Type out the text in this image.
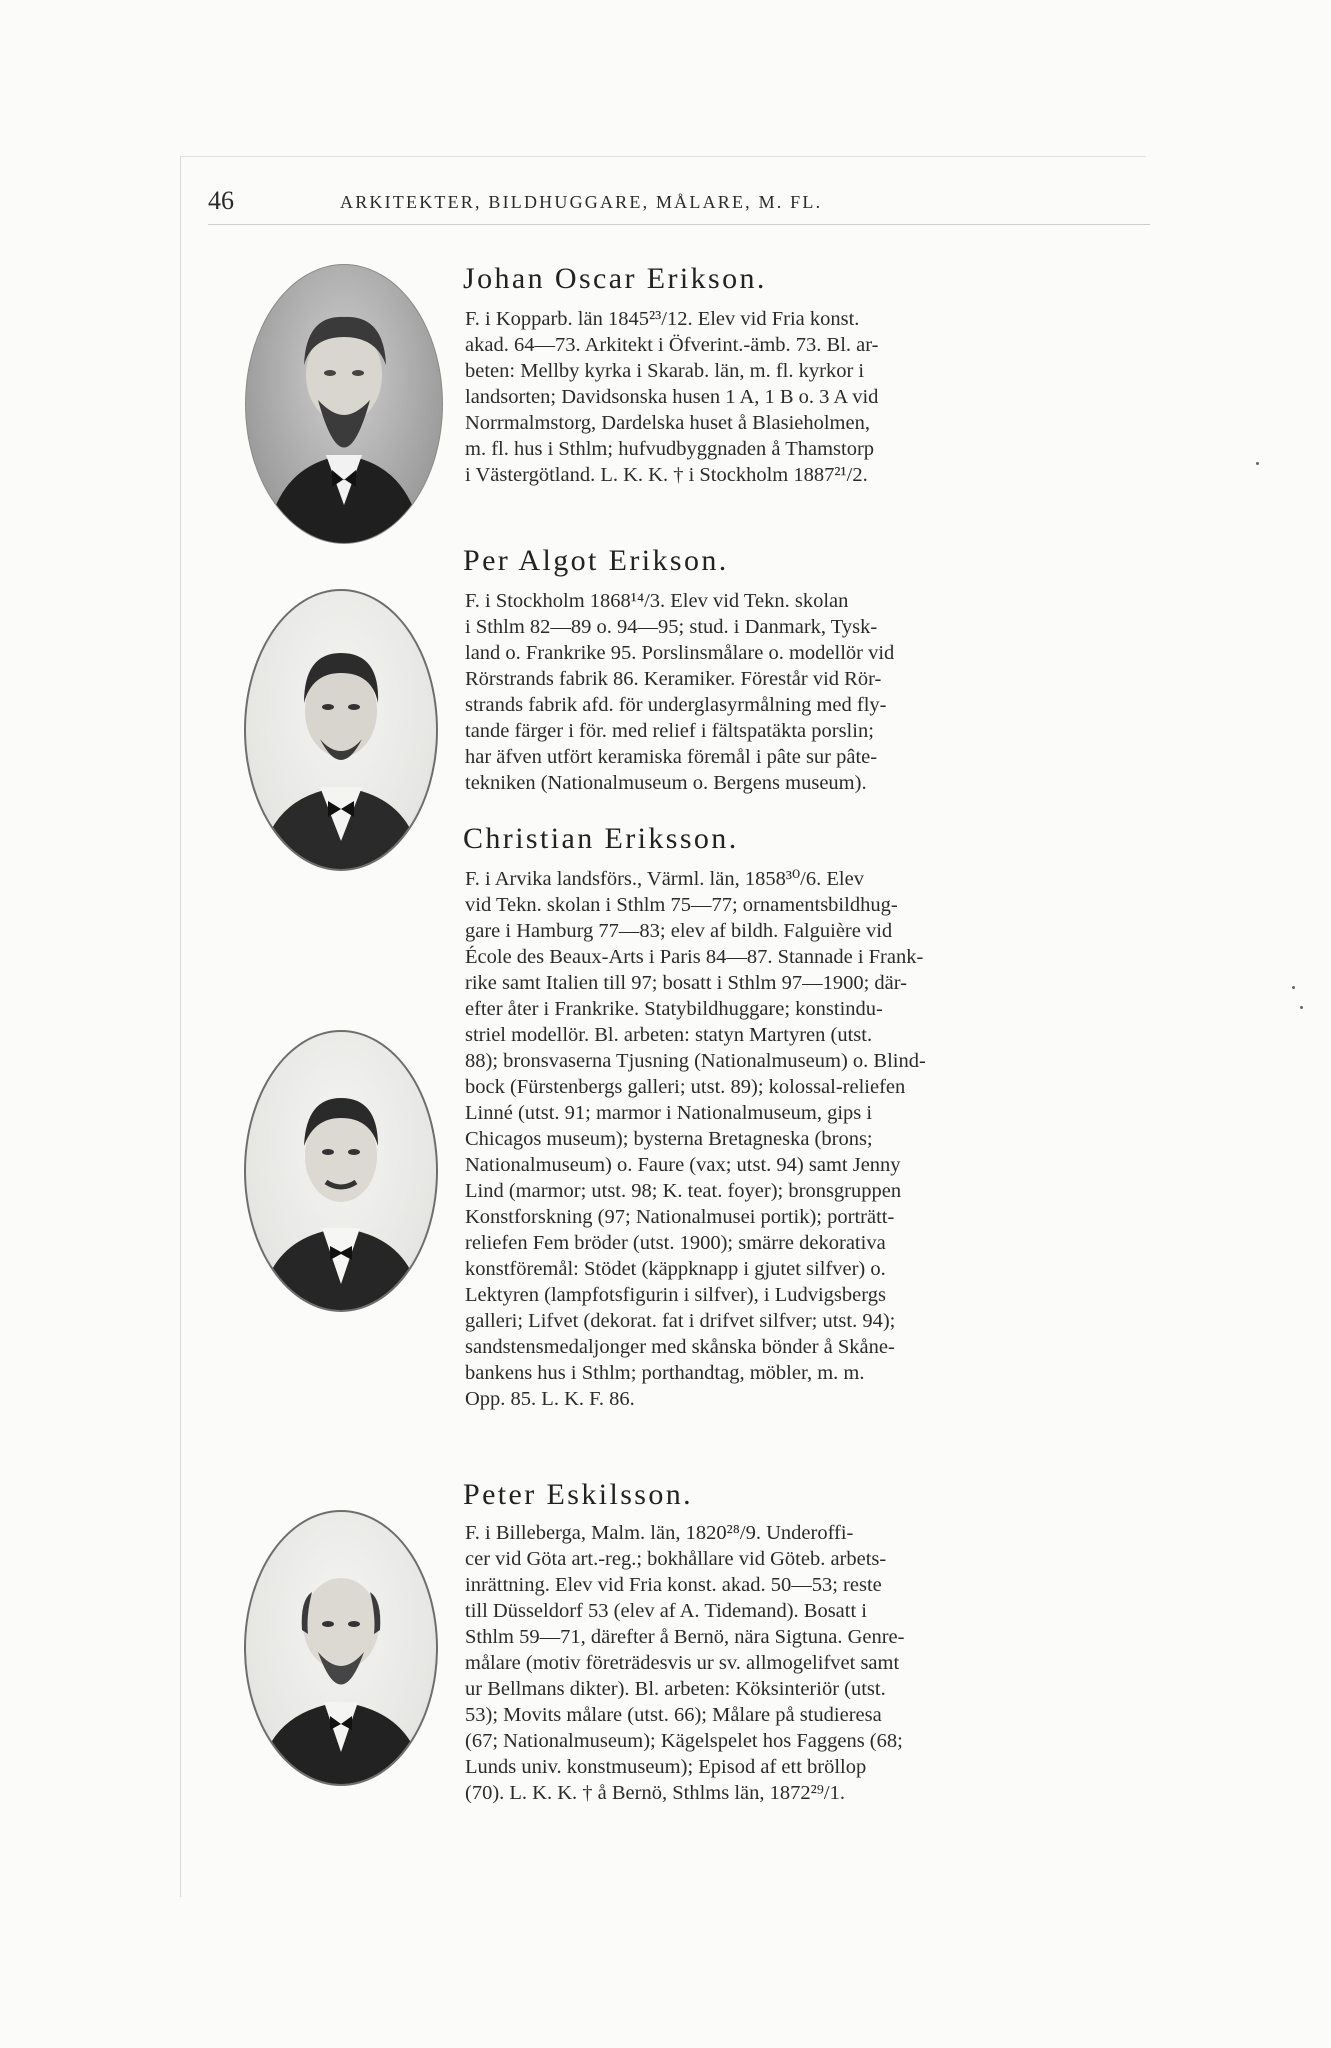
46	ARKITEKTER, BILDHUGGARE, MÅLARE, M. FL.
Johan Oscar Erikson.
F. i Kopparb. län 1845²³/12. Elev vid Fria konst.
akad. 64—73. Arkitekt i Öfverint.-ämb. 73. Bl. ar-
beten: Mellby kyrka i Skarab. län, m. fl. kyrkor i
landsorten; Davidsonska husen 1 A, 1 B o. 3 A vid
Norrmalmstorg, Dardelska huset å Blasieholmen,
m. fl. hus i Sthlm; hufvudbyggnaden å Thamstorp
i Västergötland. L. K. K. † i Stockholm 1887²¹/2.
Per Algot Erikson.
F. i Stockholm 1868¹⁴/3. Elev vid Tekn. skolan
i Sthlm 82—89 o. 94—95; stud. i Danmark, Tysk-
land o. Frankrike 95. Porslinsmålare o. modellör vid
Rörstrands fabrik 86. Keramiker. Förestår vid Rör-
strands fabrik afd. för underglasyrmålning med fly-
tande färger i för. med relief i fältspatäkta porslin;
har äfven utfört keramiska föremål i pâte sur pâte-
tekniken (Nationalmuseum o. Bergens museum).
Christian Eriksson.
F. i Arvika landsförs., Värml. län, 1858³⁰/6. Elev
vid Tekn. skolan i Sthlm 75—77; ornamentsbildhug-
gare i Hamburg 77—83; elev af bildh. Falguière vid
École des Beaux-Arts i Paris 84—87. Stannade i Frank-
rike samt Italien till 97; bosatt i Sthlm 97—1900; där-
efter åter i Frankrike. Statybildhuggare; konstindu-
striel modellör. Bl. arbeten: statyn Martyren (utst.
88); bronsvaserna Tjusning (Nationalmuseum) o. Blind-
bock (Fürstenbergs galleri; utst. 89); kolossal-reliefen
Linné (utst. 91; marmor i Nationalmuseum, gips i
Chicagos museum); bysterna Bretagneska (brons;
Nationalmuseum) o. Faure (vax; utst. 94) samt Jenny
Lind (marmor; utst. 98; K. teat. foyer); bronsgruppen
Konstforskning (97; Nationalmusei portik); porträtt-
reliefen Fem bröder (utst. 1900); smärre dekorativa
konstföremål: Stödet (käppknapp i gjutet silfver) o.
Lektyren (lampfotsfigurin i silfver), i Ludvigsbergs
galleri; Lifvet (dekorat. fat i drifvet silfver; utst. 94);
sandstensmedaljonger med skånska bönder å Skåne-
bankens hus i Sthlm; porthandtag, möbler, m. m.
Opp. 85. L. K. F. 86.
Peter Eskilsson.
F. i Billeberga, Malm. län, 1820²⁸/9. Underoffi-
cer vid Göta art.-reg.; bokhållare vid Göteb. arbets-
inrättning. Elev vid Fria konst. akad. 50—53; reste
till Düsseldorf 53 (elev af A. Tidemand). Bosatt i
Sthlm 59—71, därefter å Bernö, nära Sigtuna. Genre-
målare (motiv företrädesvis ur sv. allmogelifvet samt
ur Bellmans dikter). Bl. arbeten: Köksinteriör (utst.
53); Movits målare (utst. 66); Målare på studieresa
(67; Nationalmuseum); Kägelspelet hos Faggens (68;
Lunds univ. konstmuseum); Episod af ett bröllop
(70). L. K. K. † å Bernö, Sthlms län, 1872²⁹/1.
